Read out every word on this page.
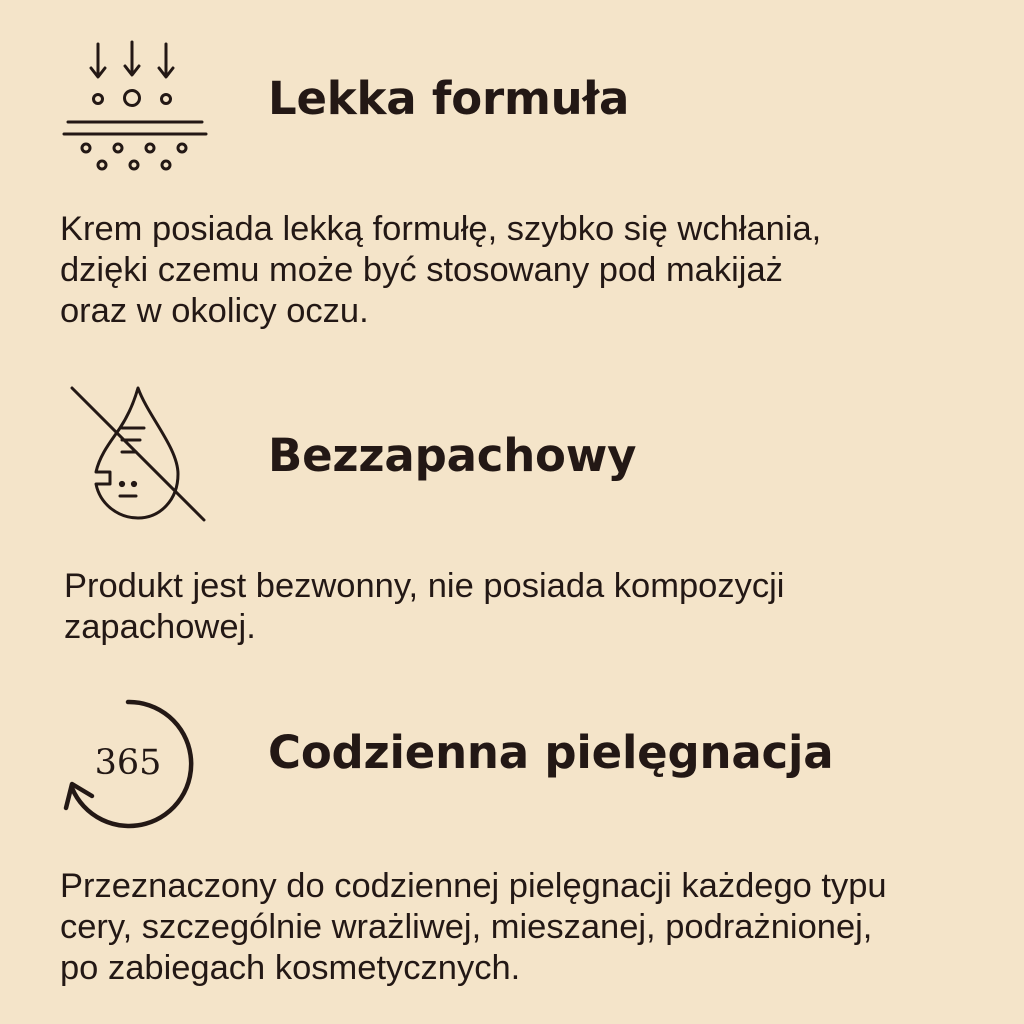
Lekka formuła

Krem posiada lekką formułę, szybko się wchłania,
dzięki czemu może być stosowany pod makijaż
oraz w okolicy oczu.

Bezzapachowy

Produkt jest bezwonny, nie posiada kompozycji
zapachowej.

365 Codzienna pielęgnacja

Przeznaczony do codziennej pielęgnacji każdego typu
cery, szczególnie wrażliwej, mieszanej, podrażnionej,
po zabiegach kosmetycznych.
